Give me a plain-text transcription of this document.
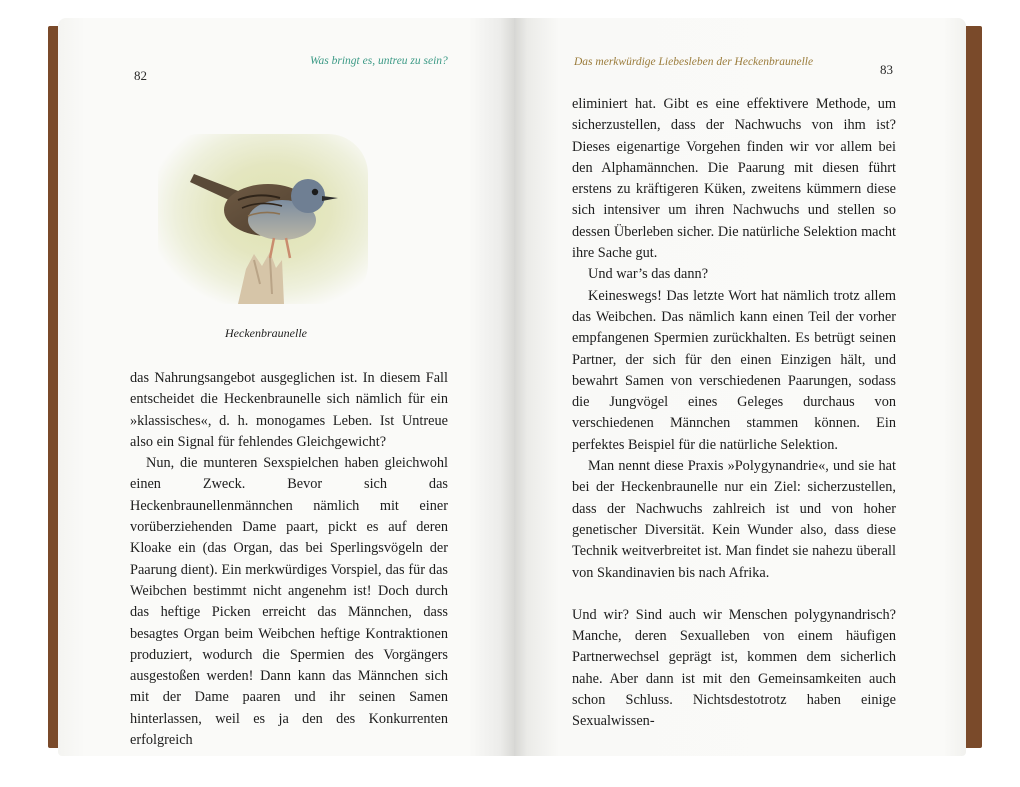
82
Was bringt es, untreu zu sein?
Heckenbraunelle

das Nahrungsangebot ausgeglichen ist. In diesem Fall entscheidet die Heckenbraunelle sich nämlich für ein »klassisches«, d. h. monogames Leben. Ist Untreue also ein Signal für fehlendes Gleichgewicht?

Nun, die munteren Sexspielchen haben gleichwohl einen Zweck. Bevor sich das Heckenbraunellenmännchen nämlich mit einer vorüberziehenden Dame paart, pickt es auf deren Kloake ein (das Organ, das bei Sperlingsvögeln der Paarung dient). Ein merkwürdiges Vorspiel, das für das Weibchen bestimmt nicht angenehm ist! Doch durch das heftige Picken erreicht das Männchen, dass besagtes Organ beim Weibchen heftige Kontraktionen produziert, wodurch die Spermien des Vorgängers ausgestoßen werden! Dann kann das Männchen sich mit der Dame paaren und ihr seinen Samen hinterlassen, weil es ja den des Konkurrenten erfolgreich

Das merkwürdige Liebesleben der Heckenbraunelle	83

eliminiert hat. Gibt es eine effektivere Methode, um sicherzustellen, dass der Nachwuchs von ihm ist? Dieses eigenartige Vorgehen finden wir vor allem bei den Alphamännchen. Die Paarung mit diesen führt erstens zu kräftigeren Küken, zweitens kümmern diese sich intensiver um ihren Nachwuchs und stellen so dessen Überleben sicher. Die natürliche Selektion macht ihre Sache gut.

Und war’s das dann?

Keineswegs! Das letzte Wort hat nämlich trotz allem das Weibchen. Das nämlich kann einen Teil der vorher empfangenen Spermien zurückhalten. Es betrügt seinen Partner, der sich für den einen Einzigen hält, und bewahrt Samen von verschiedenen Paarungen, sodass die Jungvögel eines Geleges durchaus von verschiedenen Männchen stammen können. Ein perfektes Beispiel für die natürliche Selektion.

Man nennt diese Praxis »Polygynandrie«, und sie hat bei der Heckenbraunelle nur ein Ziel: sicherzustellen, dass der Nachwuchs zahlreich ist und von hoher genetischer Diversität. Kein Wunder also, dass diese Technik weitverbreitet ist. Man findet sie nahezu überall von Skandinavien bis nach Afrika.

Und wir? Sind auch wir Menschen polygynandrisch? Manche, deren Sexualleben von einem häufigen Partnerwechsel geprägt ist, kommen dem sicherlich nahe. Aber dann ist mit den Gemeinsamkeiten auch schon Schluss. Nichtsdestotrotz haben einige Sexualwissen-
